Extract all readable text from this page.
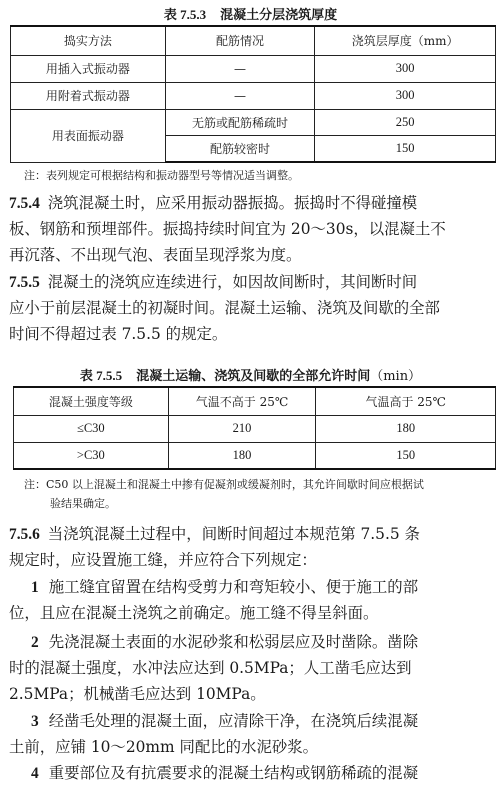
表 7.5.3 混凝土分层浇筑厚度
捣实方法	配筋情况	浇筑层厚度（mm）
用插入式振动器	—	300
用附着式振动器	—	300
用表面振动器	无筋或配筋稀疏时	250
	配筋较密时	150
注：表列规定可根据结构和振动器型号等情况适当调整。
7.5.4 浇筑混凝土时，应采用振动器振捣。振捣时不得碰撞模
板、钢筋和预埋部件。振捣持续时间宜为 20～30s，以混凝土不
再沉落、不出现气泡、表面呈现浮浆为度。
7.5.5 混凝土的浇筑应连续进行，如因故间断时，其间断时间
应小于前层混凝土的初凝时间。混凝土运输、浇筑及间歇的全部
时间不得超过表 7.5.5 的规定。
表 7.5.5 混凝土运输、浇筑及间歇的全部允许时间（min）
混凝土强度等级	气温不高于 25℃	气温高于 25℃
≤C30	210	180
>C30	180	150
注：C50 以上混凝土和混凝土中掺有促凝剂或缓凝剂时，其允许间歇时间应根据试
验结果确定。
7.5.6 当浇筑混凝土过程中，间断时间超过本规范第 7.5.5 条
规定时，应设置施工缝，并应符合下列规定：
1 施工缝宜留置在结构受剪力和弯矩较小、便于施工的部
位，且应在混凝土浇筑之前确定。施工缝不得呈斜面。
2 先浇混凝土表面的水泥砂浆和松弱层应及时凿除。凿除
时的混凝土强度，水冲法应达到 0.5MPa；人工凿毛应达到
2.5MPa；机械凿毛应达到 10MPa。
3 经凿毛处理的混凝土面，应清除干净，在浇筑后续混凝
土前，应铺 10～20mm 同配比的水泥砂浆。
4 重要部位及有抗震要求的混凝土结构或钢筋稀疏的混凝
